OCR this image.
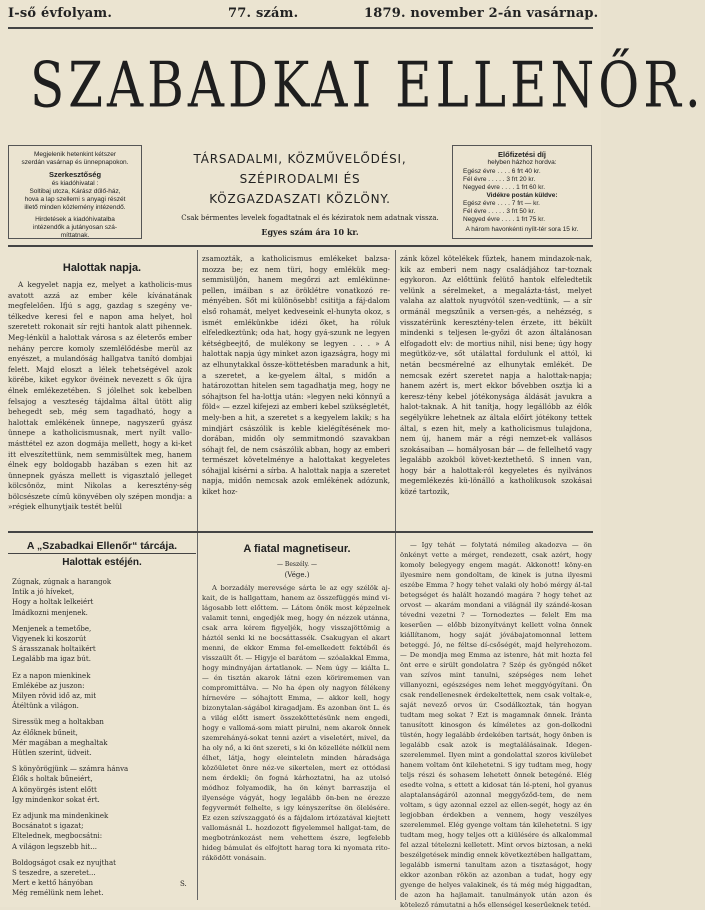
I-ső évfolyam.	77. szám.	1879. november 2-án vasárnap.
SZABADKAI ELLENŐR.
Megjelenik hetenkint kétszer
szerdán vasárnap és ünnepnapokon.
Szerkesztőség
és kiadóhivatal :
Soltibaj utcza, Kárász dűlő-ház,
hova a lap szellemi s anyagi részét
illető minden közlemény intézendő.
Hirdetések a kiadóhivatalba
intézendők a jutányosan szá-
míttatnak.
TÁRSADALMI, KÖZMŰVELŐDÉSI, SZÉPIRODALMI ÉS
KÖZGAZDASZATI KÖZLÖNY.
Csak bérmentes levelek fogadtatnak el és kéziratok nem adatnak vissza.
Egyes szám ára 10 kr.
Előfizetési díj
helyben házhoz hordva:
Egész évre . . . . 6 frt 40 kr.
Fél évre . . . . . 3 frt 20 kr.
Negyed évre . . . . 1 frt 60 kr.
Vidékre postán küldve:
Egész évre . . . . 7 frt — kr.
Fél évre . . . . . 3 frt 50 kr.
Negyed évre . . . . 1 frt 75 kr.
A három havonkénti nyílt-tér sora 15 kr.
Halottak napja.
A kegyelet napja ez, melyet a katholicis-mus avatott azzá az ember kéle kívánatának megfelelően. Ifjú s agg, gazdag s szegény ve-télkedve keresi fel e napon ama helyet, hol szeretett rokonait sír rejti hantok alatt pihennek. Meg-lénkül a halottak városa s az életerős ember nehány percre komoly szemlélődésbe merül az enyészet, a mulandóság hallgatva tanító dombjai felett. Majd eloszt a lélek tehetségével azok körébe, kiket egykor övéinek nevezett s ők újra élnek emlékezetében. S jólelhet sok kebelben felsajog a veszteség tájdalma által ütött alig behegedt seb, még sem tagadható, hogy a halottak emlékének ünnepe, nagyszerű gyász ünnepe a katholicismusnak, mert nyílt vallo-másttétel ez azon dogmája mellett, hogy a ki-ket itt elveszítettünk, nem semmisültek meg, hanem élnek egy boldogabb hazában s ezen hit az ünnepnek gyásza mellett is vigasztaló jelleget kölcsönöz, mint Nikolas a keresztény-ség bölcsészete címû könyvében oly szépen mondja: a »régiek elhunytjaik testét belül
zsamozták, a katholicismus emlékeket balzsa-mozza be; ez nem türi, hogy emlékük meg-semmisüljön, hanem megőrzi azt emlékünne-pellen, imáiban s az öröklétre vonatkozó re-ményében. Sőt mi különösebb! csititja a fáj-dalom első rohamát, melyet kedveseink el-hunyta okoz, s ismét emlékünkbe idézi őket, ha róluk elfeledkeztünk; oda hat, hogy gyá-szunk ne legyen kétségbeejtő, de mulékony se legyen . . . » A halottak napja úgy minket azon igazságra, hogy mi az elhunytakkal össze-köttetésben maradunk a hit, a szeretet, a ke-gyelem által, s midőn a határozottan hitelen sem tagadhatja meg, hogy ne sóhajtson fel ha-lottja után: »legyen neki könnyű a föld« — ezzel kifejezi az emberi kebel szükségletét, mely-ben a hit, a szeretet s a kegyelem lakik; s ha mindjárt császólik is keble kielégítésének mo-dorában, midőn oly semmitmondó szavakban sóhajt fel, de nem császólik abban, hogy az emberi természet követelménye a halottakat kegyeletes sóhajjal kísérni a sírba. A halottak napja a szeretet napja, midőn nemcsak azok emlékének adózunk, kiket hoz-
zánk közel kötelékek fűztek, hanem mindazok-nak, kik az emberi nem nagy családjához tar-toznak egykoron. Az előttünk felütő hantok elfeledtetik velünk a sérelmeket, a megalázta-tást, melyet valaha az alattok nyugvótól szen-vedtünk, — a sír ormánál megszűnik a versen-gés, a nehézség, s visszatérünk keresztény-telen érzete, itt békült mindenki s teljesen le-győzi őt azon általánosan elfogadott elv: de mortius nihil, nisi bene; úgy hogy megütköz-ve, sőt utálattal fordulunk el attól, ki netán becsmérelné az elhunytak emlékét. De nemcsak ezért szeretet napja a halottak-napja; hanem azért is, mert ekkor bővebben osztja ki a keresz-tény kebel jótékonysága áldását javukra a halot-taknak. A hit tanítja, hogy legállóbb az élők segélyükre lehetnek az általa előírt jótékony tettek által, s ezen hit, mely a katholicismus tulajdona, nem új, hanem már a régi nemzet-ek vallásos szokásaiban — homályosan bár — de fellelhető vagy legalább azokból követ-keztethető. S innen van, hogy bár a halottak-ról kegyeletes és nyilvános megemlékezés kü-lönálló a katholikusok szokásai közé tartozik,
A „Szabadkai Ellenőr“ tárcája.
Halottak estéjén.
Zúgnak, zúgnak a harangok
Intik a jó híveket,
Hogy a holtak lelkeiért
Imádkozni menjenek.
Menjenek a temetőbe,
Vigyenek ki koszorút
S árasszanak holtaikért
Legalább ma igaz bút.
Ez a napon mienkinek
Emlékébe az juszon:
Milyen rövid idő az, mit
Átéltünk a világon.
Siressük meg a holtakban
Az élőknek bűneit,
Mér magában a meghaltak
Hütlen szerint, üdveit.
S könyörögjünk — számra hánva
Élők s holtak bűneiért,
A könyörgés istent előtt
Igy mindenkor sokat ért.
Ez adjunk ma mindenkinek
Bocsánatot s igazat;
Eltelednek, megbocsátni:
A világon legszebb hit...
Boldogságot csak ez nyujthat
S teszedre, a szeretet...
Mert e kettő hányóban
Még remélünk nem lehet.
S.
A fiatal magnetiseur.
— Beszély. —
(Vége.)
A borzadály merevsége sárta le az egy szélök aj-kait, de is hallgattam, hanem az összefüggés mind vi-lágosabb lett előttem. — Látom önök most képzelnek valamit tenni, engedjék meg, hogy én nézzek utánna, csak arra kérem figyeljék, hogy visszajöttömig a háztól senki ki ne bocsáttassék. Csakugyan el akart menni, de ekkor Emma fel-emelkedett fektéből és visszaült őt. — Higyje el barátom — szóalakkal Emma, hogy mindnyájan ártatlanok. — Nem úgy — kiálta L. — én tisztán akarok látni ezen körirememen van compromittálva. — No ha épen oly nagyon félékeny hírnevére — sóhajtott Emma, — akkor kell, hogy bizonytalan-ságábol kiragadjam. És azonban önt L. és a világ előtt ismert összeköttetésünk nem engedi, hogy e vallomá-som miatt pirulni, nem akarok önnek szemrehányá-sokat tenni azért a viseletért, mivel, da ha oly nő, a ki önt szereti, s ki ön közelléte nélkül nem élhet, látja, hogy eleinteletn minden háradsága közöületet önre néz-ve sikertelen, mert ez ottódasi nem érdekli; ön fogná kárhoztatni, ha az utolsó módhoz folyamodik, ha ön kényt barraszija el ilyensége vágyát, hogy legalább ön-ben ne érezze fegyvermét felhelte, s igy kényszerítse ön ölelésére. Ez ezen szívszaggató és a fájdalom irtózatával kiejtett vallomásnál L. hozdozott figyelemmel hallgat-tam, de megbotránkozást nem vehettem észre, legfelebb hideg bámulat és elfojtott harag tora ki nyomata rito-ráködött vonásain.
— Igy tehát — folytatá némileg akadozva — ön önkényt vette a mérget, rendezett, csak azért, hogy komoly belegyegy engem magát. Akkonott! köny-en ilyesmire nem gondoltam, de kinek is jutna ilyesmi eszébe Emma ? hogy tehet valaki oly hobó mérgy ál-tal betegséget és halált hozandó magára ? hogy tehet az orvost — akarám mondani a világnál ily szándé-kosan tévedni vezetni ? — Tornodeztes — felelt Em ma keserűen — előbb bizonyítványt kellett volna önnek kiállítanom, hogy saját jóvábajatomonnal lettem beteggé. Jó, ne féltse dí-csőségét, majd helyrehozom. — De mondja meg Emma az istenre, hát mit hozta fel önt erre e sirült gondolatra ? Szép és gyöngéd nőket van szívos mint tanulni, szépséges nem lehet villanyozni, egészséges nem lehet meggyógyítani. Ön csak rendellenesnek érdekeltettek, nem csak voltak-e, saját nevező orvos úr. Csodálkoztak, tán hogyan tudtam meg sokat ? Ezt is magamnak önnek. Iránta tanusított kinosgon és kíméletes az gon-dolkodni tüstén, hogy legalább érdekében tartsát, hogy önben is legalább csak azok is megtalálásainak. Idegen-szerelemmel. Ilyen mint a gondolattal szoros kivülebet hanem voltam önt kilehetetni. S igy tudtam meg, hogy teljs részi és sohasem lehetett önnek betegéné. Elég esedte volna, s ettett a kidosat tán lé-pteni, hol gyanus alaptalanságáról azonnal meggyőződ-tem, de nem voltam, s úgy azonnal ezzel az ellen-segét, hogy az én legjobban érdekben a vennem, hogy veszélyes szerelemmel. Elég gyenge voltam tán kilehetetni. S igy tudtam meg, hogy teljes ott a kiülésére és alkalommal fel azzal tételezni kelletett. Mint orvos biztosan, a neki beszélgetések mindig ennek következtében hallgattam, legalább ismerni tanultam azon a tisztaságot, hogy ekkor azonban rökön az azonban a tudat, hogy egy gyenge de helyes valakinek, és tá még még higgadtan, de azon ha hajlamait. tanulmányok után azon és kötelező rámutatni a hős ellenségel keserűeknek tetéd.
